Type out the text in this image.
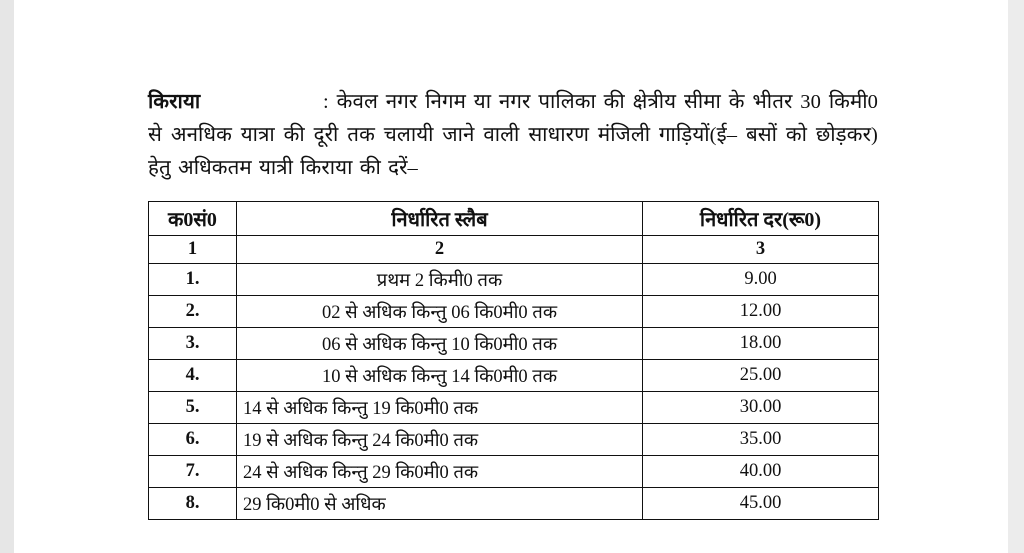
किराया	: केवल नगर निगम या नगर पालिका की क्षेत्रीय सीमा के भीतर 30 किमी0 से अनधिक यात्रा की दूरी तक चलायी जाने वाली साधारण मंजिली गाड़ियों(ई– बसों को छोड़कर) हेतु अधिकतम यात्री किराया की दरें–
क0सं0	निर्धारित स्लैब	निर्धारित दर(रू0)
1	2	3
1.	प्रथम 2 किमी0 तक	9.00
2.	02 से अधिक किन्तु 06 कि0मी0 तक	12.00
3.	06 से अधिक किन्तु 10 कि0मी0 तक	18.00
4.	10 से अधिक किन्तु 14 कि0मी0 तक	25.00
5.	14 से अधिक किन्तु 19 कि0मी0 तक	30.00
6.	19 से अधिक किन्तु 24 कि0मी0 तक	35.00
7.	24 से अधिक किन्तु 29 कि0मी0 तक	40.00
8.	29 कि0मी0 से अधिक	45.00
